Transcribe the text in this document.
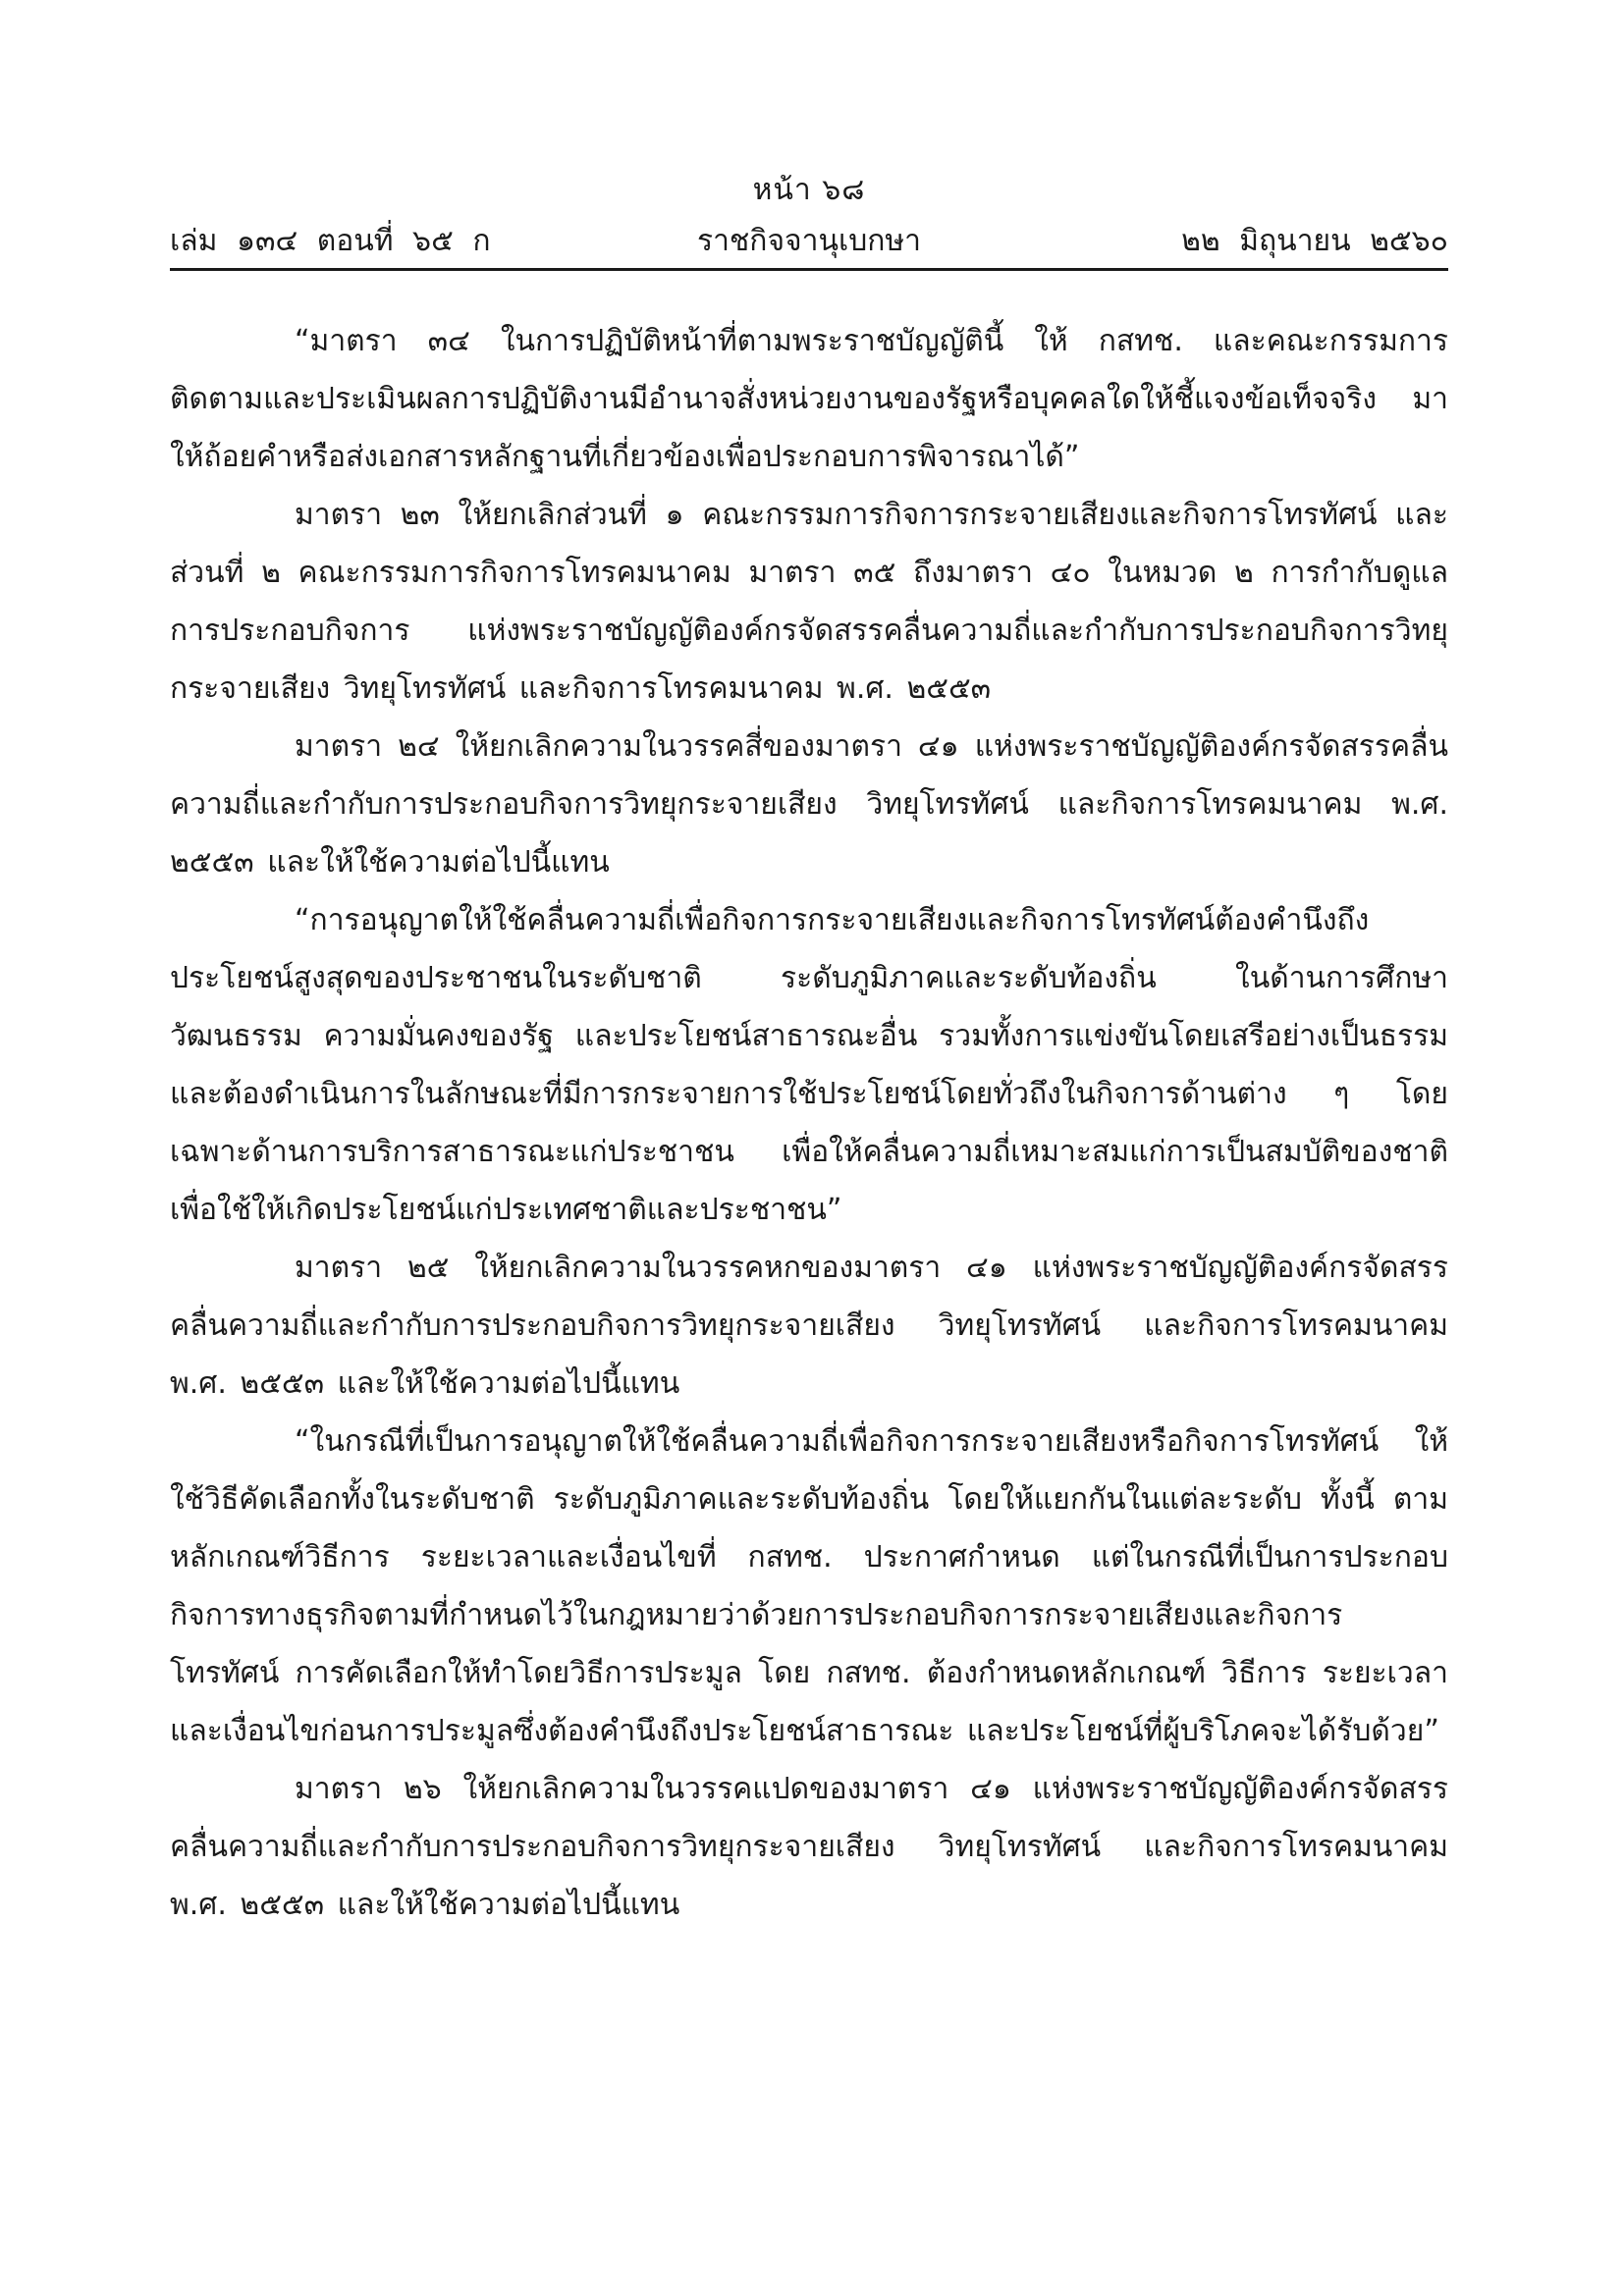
หน้า ๖๘
เล่ม ๑๓๔ ตอนที่ ๖๕ ก	ราชกิจจานุเบกษา	๒๒ มิถุนายน ๒๕๖๐

“มาตรา ๓๔ ในการปฏิบัติหน้าที่ตามพระราชบัญญัตินี้ ให้ กสทช. และคณะกรรมการติดตามและประเมินผลการปฏิบัติงานมีอำนาจสั่งหน่วยงานของรัฐหรือบุคคลใดให้ชี้แจงข้อเท็จจริง มาให้ถ้อยคำหรือส่งเอกสารหลักฐานที่เกี่ยวข้องเพื่อประกอบการพิจารณาได้”

มาตรา ๒๓ ให้ยกเลิกส่วนที่ ๑ คณะกรรมการกิจการกระจายเสียงและกิจการโทรทัศน์ และส่วนที่ ๒ คณะกรรมการกิจการโทรคมนาคม มาตรา ๓๕ ถึงมาตรา ๔๐ ในหมวด ๒ การกำกับดูแลการประกอบกิจการ แห่งพระราชบัญญัติองค์กรจัดสรรคลื่นความถี่และกำกับการประกอบกิจการวิทยุกระจายเสียง วิทยุโทรทัศน์ และกิจการโทรคมนาคม พ.ศ. ๒๕๕๓

มาตรา ๒๔ ให้ยกเลิกความในวรรคสี่ของมาตรา ๔๑ แห่งพระราชบัญญัติองค์กรจัดสรรคลื่นความถี่และกำกับการประกอบกิจการวิทยุกระจายเสียง วิทยุโทรทัศน์ และกิจการโทรคมนาคม พ.ศ. ๒๕๕๓ และให้ใช้ความต่อไปนี้แทน

“การอนุญาตให้ใช้คลื่นความถี่เพื่อกิจการกระจายเสียงและกิจการโทรทัศน์ต้องคำนึงถึงประโยชน์สูงสุดของประชาชนในระดับชาติ ระดับภูมิภาคและระดับท้องถิ่น ในด้านการศึกษา วัฒนธรรม ความมั่นคงของรัฐ และประโยชน์สาธารณะอื่น รวมทั้งการแข่งขันโดยเสรีอย่างเป็นธรรมและต้องดำเนินการในลักษณะที่มีการกระจายการใช้ประโยชน์โดยทั่วถึงในกิจการด้านต่าง ๆ โดยเฉพาะด้านการบริการสาธารณะแก่ประชาชน เพื่อให้คลื่นความถี่เหมาะสมแก่การเป็นสมบัติของชาติ เพื่อใช้ให้เกิดประโยชน์แก่ประเทศชาติและประชาชน”

มาตรา ๒๕ ให้ยกเลิกความในวรรคหกของมาตรา ๔๑ แห่งพระราชบัญญัติองค์กรจัดสรรคลื่นความถี่และกำกับการประกอบกิจการวิทยุกระจายเสียง วิทยุโทรทัศน์ และกิจการโทรคมนาคม พ.ศ. ๒๕๕๓ และให้ใช้ความต่อไปนี้แทน

“ในกรณีที่เป็นการอนุญาตให้ใช้คลื่นความถี่เพื่อกิจการกระจายเสียงหรือกิจการโทรทัศน์ ให้ใช้วิธีคัดเลือกทั้งในระดับชาติ ระดับภูมิภาคและระดับท้องถิ่น โดยให้แยกกันในแต่ละระดับ ทั้งนี้ ตามหลักเกณฑ์วิธีการ ระยะเวลาและเงื่อนไขที่ กสทช. ประกาศกำหนด แต่ในกรณีที่เป็นการประกอบกิจการทางธุรกิจตามที่กำหนดไว้ในกฎหมายว่าด้วยการประกอบกิจการกระจายเสียงและกิจการโทรทัศน์ การคัดเลือกให้ทำโดยวิธีการประมูล โดย กสทช. ต้องกำหนดหลักเกณฑ์ วิธีการ ระยะเวลาและเงื่อนไขก่อนการประมูลซึ่งต้องคำนึงถึงประโยชน์สาธารณะ และประโยชน์ที่ผู้บริโภคจะได้รับด้วย”

มาตรา ๒๖ ให้ยกเลิกความในวรรคแปดของมาตรา ๔๑ แห่งพระราชบัญญัติองค์กรจัดสรรคลื่นความถี่และกำกับการประกอบกิจการวิทยุกระจายเสียง วิทยุโทรทัศน์ และกิจการโทรคมนาคม พ.ศ. ๒๕๕๓ และให้ใช้ความต่อไปนี้แทน
